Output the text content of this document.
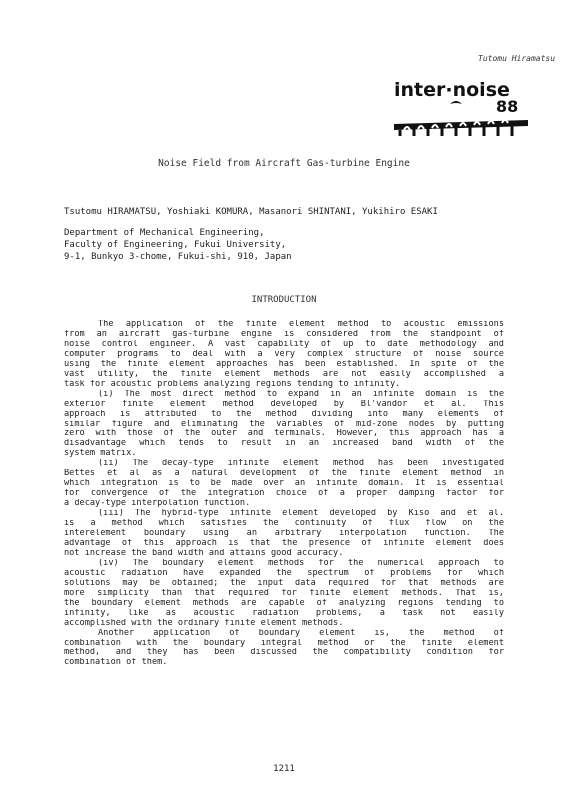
Tutomu Hiramatsu
inter·noise
88
Noise Field from Aircraft Gas-turbine Engine
Tsutomu HIRAMATSU, Yoshiaki KOMURA, Masanori SHINTANI, Yukihiro ESAKI
Department of Mechanical Engineering,
Faculty of Engineering, Fukui University,
9-1, Bunkyo 3-chome, Fukui-shi, 910, Japan
INTRODUCTION
The application of the finite element method to acoustic emissions
from an aircraft gas-turbine engine is considered from the standpoint of
noise control engineer. A vast capability of up to date methodology and
computer programs to deal with a very complex structure of noise source
using the finite element approaches has been established. In spite of the
vast utility, the finite element methods are not easily accomplished a
task for acoustic problems analyzing regions tending to infinity.
(i) The most direct method to expand in an infinite domain is the
exterior finite element method developed by Bl'vandor et al. This
approach is attributed to the method dividing into many elements of
similar figure and eliminating the variables of mid-zone nodes by putting
zero with those of the outer and terminals. However, this approach has a
disadvantage which tends to result in an increased band width of the
system matrix.
(ii) The decay-type infinite element method has been investigated
Bettes et al as a natural development of the finite element method in
which integration is to be made over an infinite domain. It is essential
for convergence of the integration choice of a proper damping factor for
a decay-type interpolation function.
(iii) The hybrid-type infinite element developed by Kiso and et al.
is a method which satisfies the continuity of flux flow on the
interelement boundary using an arbitrary interpolation function. The
advantage of this approach is that the presence of infinite element does
not increase the band width and attains good accuracy.
(iv) The boundary element methods for the numerical approach to
acoustic radiation have expanded the spectrum of problems for which
solutions may be obtained; the input data required for that methods are
more simplicity than that required for finite element methods. That is,
the boundary element methods are capable of analyzing regions tending to
infinity, like as acoustic radiation problems, a task not easily
accomplished with the ordinary finite element methods.
Another application of boundary element is, the method of
combination with the boundary integral method or the finite element
method, and they has been discussed the compatibility condition for
combination of them.
1211
